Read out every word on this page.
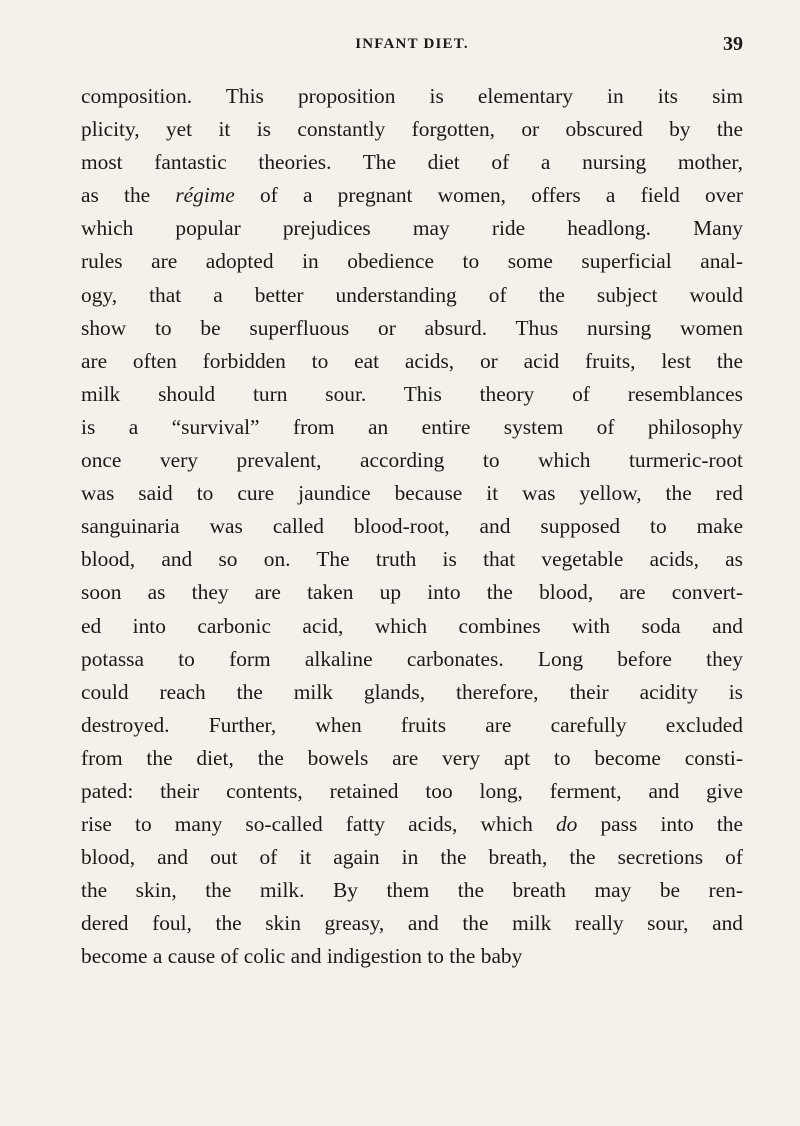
INFANT DIET.	39
composition. This proposition is elementary in its sim
plicity, yet it is constantly forgotten, or obscured by the
most fantastic theories. The diet of a nursing mother,
as the régime of a pregnant women, offers a field over
which popular prejudices may ride headlong. Many
rules are adopted in obedience to some superficial anal-
ogy, that a better understanding of the subject would
show to be superfluous or absurd. Thus nursing women
are often forbidden to eat acids, or acid fruits, lest the
milk should turn sour. This theory of resemblances
is a “survival” from an entire system of philosophy
once very prevalent, according to which turmeric-root
was said to cure jaundice because it was yellow, the red
sanguinaria was called blood-root, and supposed to make
blood, and so on. The truth is that vegetable acids, as
soon as they are taken up into the blood, are convert-
ed into carbonic acid, which combines with soda and
potassa to form alkaline carbonates. Long before they
could reach the milk glands, therefore, their acidity is
destroyed. Further, when fruits are carefully excluded
from the diet, the bowels are very apt to become consti-
pated: their contents, retained too long, ferment, and give
rise to many so-called fatty acids, which do pass into the
blood, and out of it again in the breath, the secretions of
the skin, the milk. By them the breath may be ren-
dered foul, the skin greasy, and the milk really sour, and
become a cause of colic and indigestion to the baby
